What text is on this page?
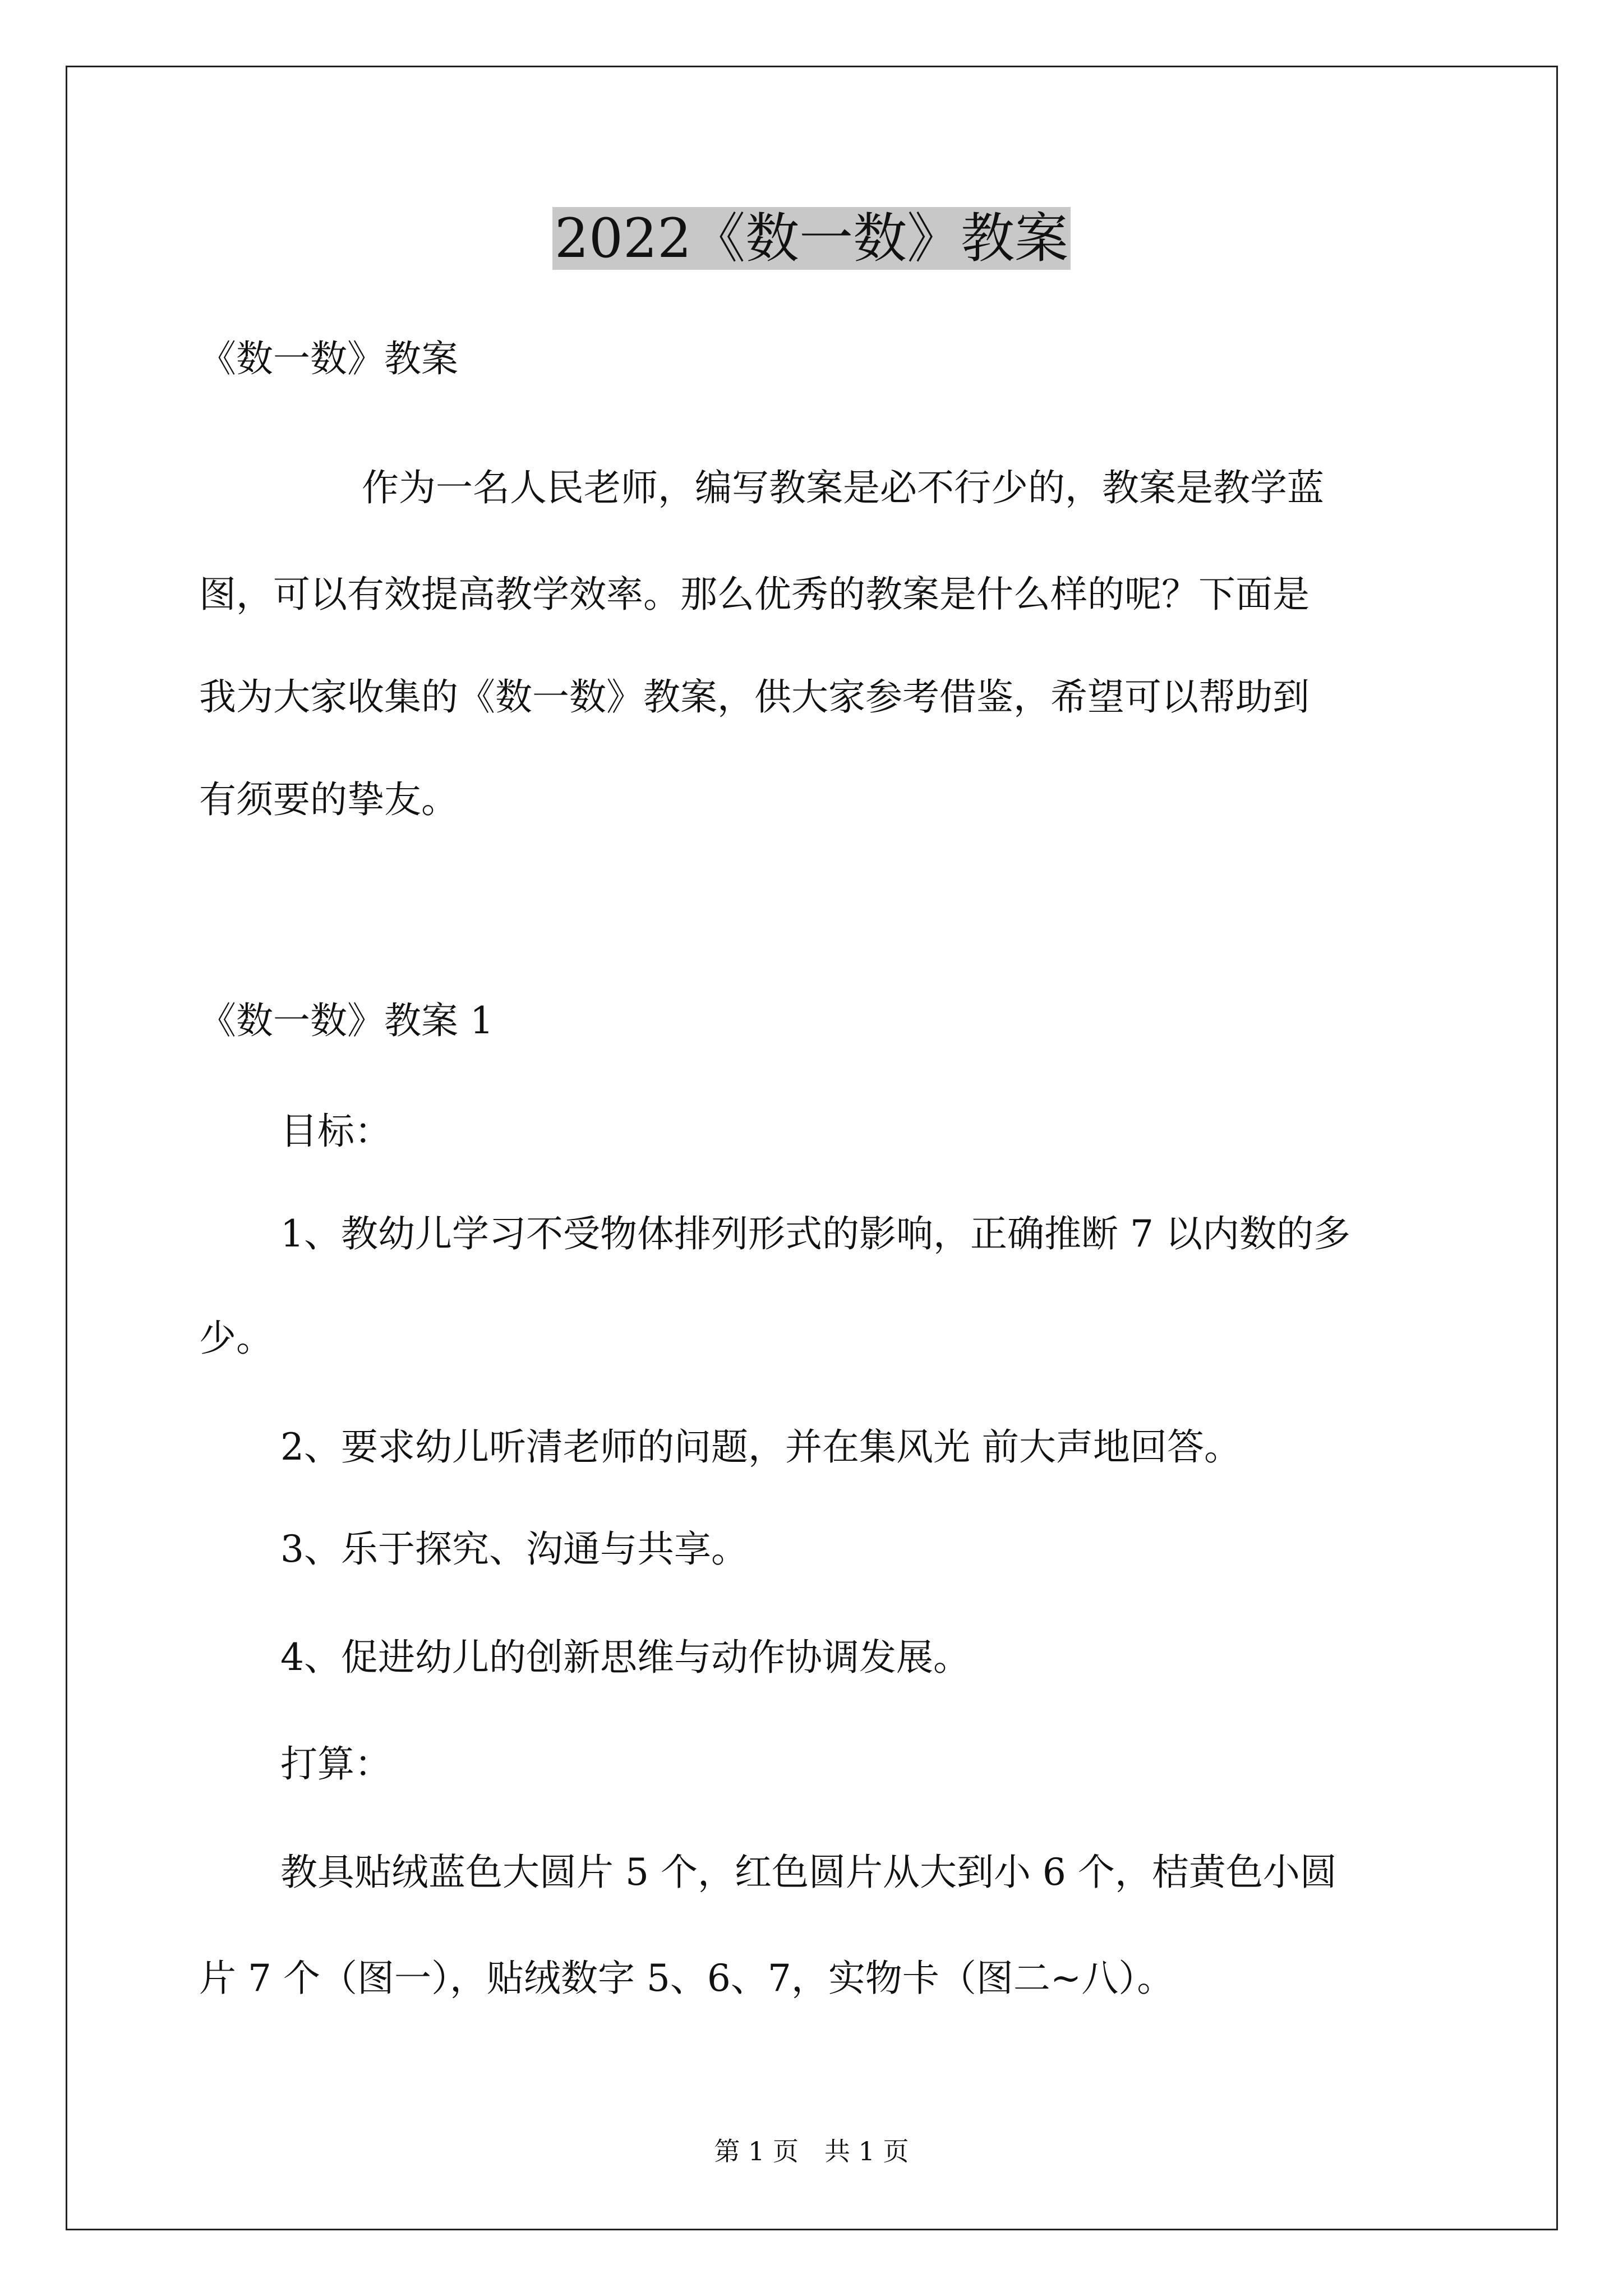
2022《数一数》教案
《数一数》教案
作为一名人民老师，编写教案是必不行少的，教案是教学蓝
图，可以有效提高教学效率。那么优秀的教案是什么样的呢？下面是
我为大家收集的《数一数》教案，供大家参考借鉴，希望可以帮助到
有须要的挚友。
《数一数》教案 1
目标：
1、教幼儿学习不受物体排列形式的影响，正确推断 7 以内数的多
少。
2、要求幼儿听清老师的问题，并在集风光 前大声地回答。
3、乐于探究、沟通与共享。
4、促进幼儿的创新思维与动作协调发展。
打算：
教具贴绒蓝色大圆片 5 个，红色圆片从大到小 6 个，桔黄色小圆
片 7 个（图一），贴绒数字 5、6、7，实物卡（图二~八）。
第 1 页　共 1 页
